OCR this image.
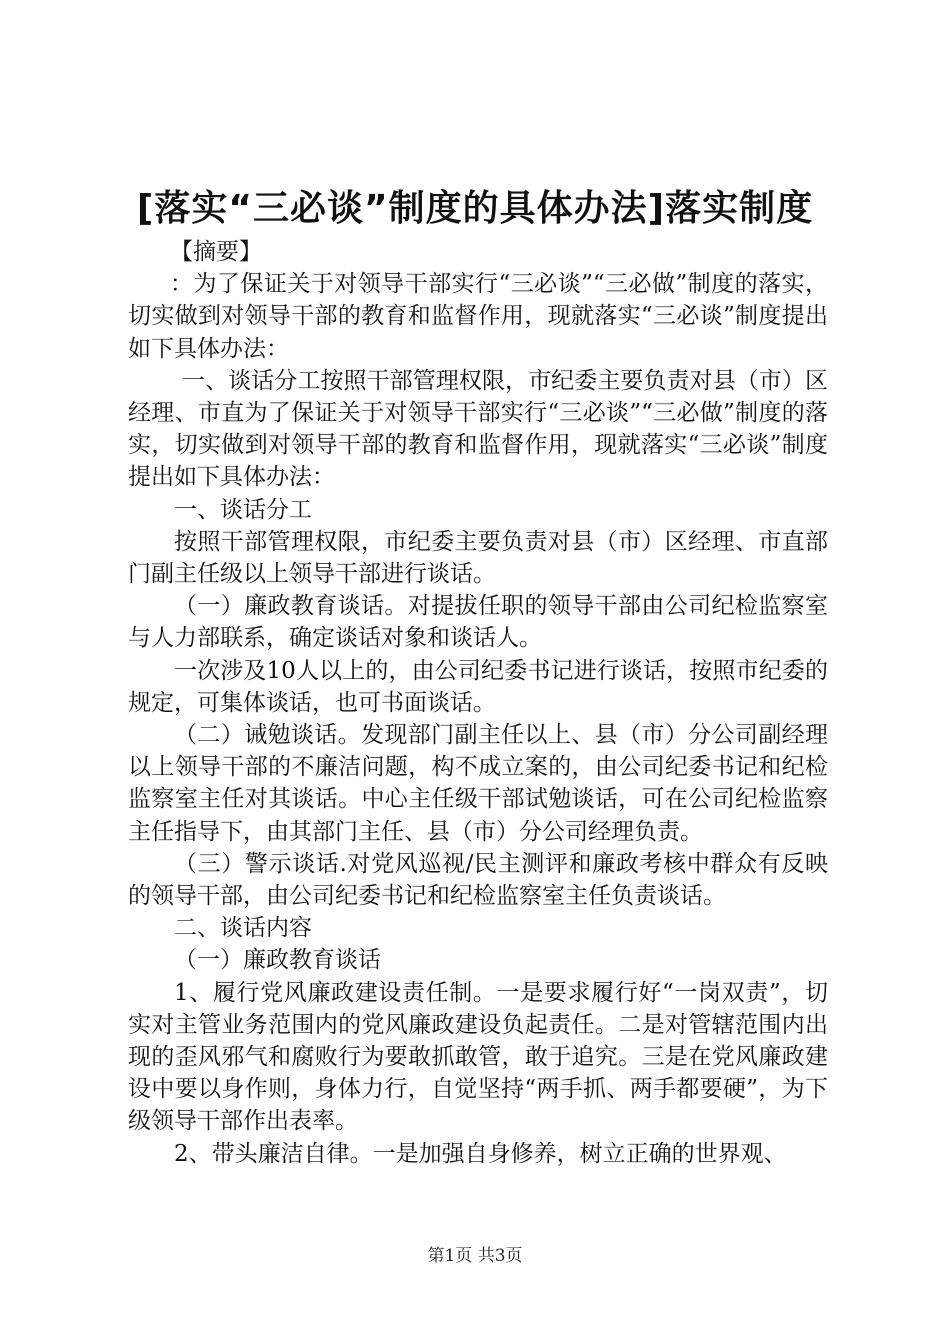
[落实“三必谈”制度的具体办法]落实制度

【摘要】

：为了保证关于对领导干部实行“三必谈”“三必做”制度的落实，切实做到对领导干部的教育和监督作用，现就落实“三必谈”制度提出如下具体办法：

一、谈话分工按照干部管理权限，市纪委主要负责对县（市）区经理、市直为了保证关于对领导干部实行“三必谈”“三必做”制度的落实，切实做到对领导干部的教育和监督作用，现就落实“三必谈”制度提出如下具体办法：

一、谈话分工

按照干部管理权限，市纪委主要负责对县（市）区经理、市直部门副主任级以上领导干部进行谈话。

（一）廉政教育谈话。对提拔任职的领导干部由公司纪检监察室与人力部联系，确定谈话对象和谈话人。

一次涉及10人以上的，由公司纪委书记进行谈话，按照市纪委的规定，可集体谈话，也可书面谈话。

（二）诫勉谈话。发现部门副主任以上、县（市）分公司副经理以上领导干部的不廉洁问题，构不成立案的，由公司纪委书记和纪检监察室主任对其谈话。中心主任级干部试勉谈话，可在公司纪检监察主任指导下，由其部门主任、县（市）分公司经理负责。

（三）警示谈话.对党风巡视/民主测评和廉政考核中群众有反映的领导干部，由公司纪委书记和纪检监察室主任负责谈话。

二、谈话内容

（一）廉政教育谈话

1、履行党风廉政建设责任制。一是要求履行好“一岗双责”，切实对主管业务范围内的党风廉政建设负起责任。二是对管辖范围内出现的歪风邪气和腐败行为要敢抓敢管，敢于追究。三是在党风廉政建设中要以身作则，身体力行，自觉坚持“两手抓、两手都要硬”，为下级领导干部作出表率。

2、带头廉洁自律。一是加强自身修养，树立正确的世界观、

第1页 共3页
